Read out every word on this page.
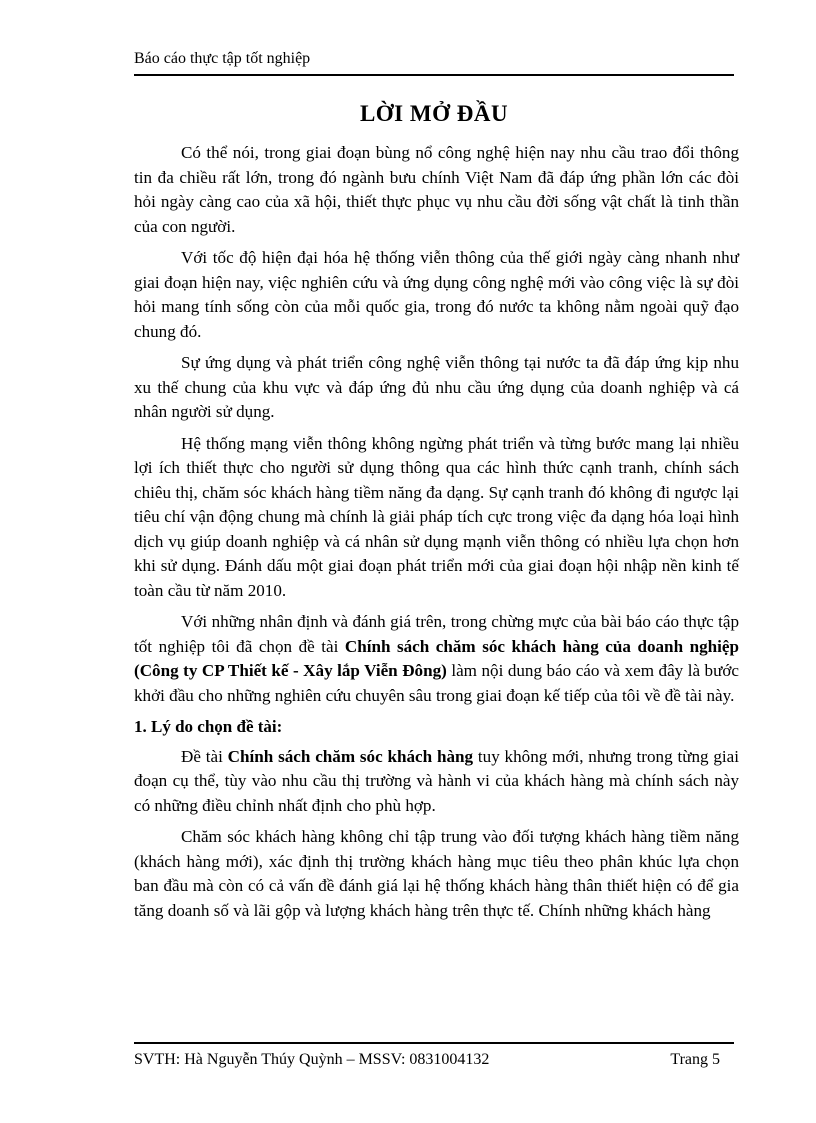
Báo cáo thực tập tốt nghiệp
LỜI MỞ ĐẦU

Có thể nói, trong giai đoạn bùng nổ công nghệ hiện nay nhu cầu trao đổi thông tin đa chiều rất lớn, trong đó ngành bưu chính Việt Nam đã đáp ứng phần lớn các đòi hỏi ngày càng cao của xã hội, thiết thực phục vụ nhu cầu đời sống vật chất là tinh thần của con người.

Với tốc độ hiện đại hóa hệ thống viễn thông của thế giới ngày càng nhanh như giai đoạn hiện nay, việc nghiên cứu và ứng dụng công nghệ mới vào công việc là sự đòi hỏi mang tính sống còn của mỗi quốc gia, trong đó nước ta không nằm ngoài quỹ đạo chung đó.

Sự ứng dụng và phát triển công nghệ viễn thông tại nước ta đã đáp ứng kịp nhu xu thế chung của khu vực và đáp ứng đủ nhu cầu ứng dụng của doanh nghiệp và cá nhân người sử dụng.

Hệ thống mạng viễn thông không ngừng phát triển và từng bước mang lại nhiều lợi ích thiết thực cho người sử dụng thông qua các hình thức cạnh tranh, chính sách chiêu thị, chăm sóc khách hàng tiềm năng đa dạng. Sự cạnh tranh đó không đi ngược lại tiêu chí vận động chung mà chính là giải pháp tích cực trong việc đa dạng hóa loại hình dịch vụ giúp doanh nghiệp và cá nhân sử dụng mạnh viễn thông có nhiều lựa chọn hơn khi sử dụng. Đánh dấu một giai đoạn phát triển mới của giai đoạn hội nhập nền kinh tế toàn cầu từ năm 2010.

Với những nhân định và đánh giá trên, trong chừng mực của bài báo cáo thực tập tốt nghiệp tôi đã chọn đề tài Chính sách chăm sóc khách hàng của doanh nghiệp (Công ty CP Thiết kế - Xây lắp Viễn Đông) làm nội dung báo cáo và xem đây là bước khởi đầu cho những nghiên cứu chuyên sâu trong giai đoạn kế tiếp của tôi về đề tài này.

1. Lý do chọn đề tài:

Đề tài Chính sách chăm sóc khách hàng tuy không mới, nhưng trong từng giai đoạn cụ thể, tùy vào nhu cầu thị trường và hành vi của khách hàng mà chính sách này có những điều chỉnh nhất định cho phù hợp.

Chăm sóc khách hàng không chỉ tập trung vào đối tượng khách hàng tiềm năng (khách hàng mới), xác định thị trường khách hàng mục tiêu theo phân khúc lựa chọn ban đầu mà còn có cả vấn đề đánh giá lại hệ thống khách hàng thân thiết hiện có để gia tăng doanh số và lãi gộp và lượng khách hàng trên thực tế. Chính những khách hàng

SVTH: Hà Nguyễn Thúy Quỳnh – MSSV: 0831004132	Trang 5
